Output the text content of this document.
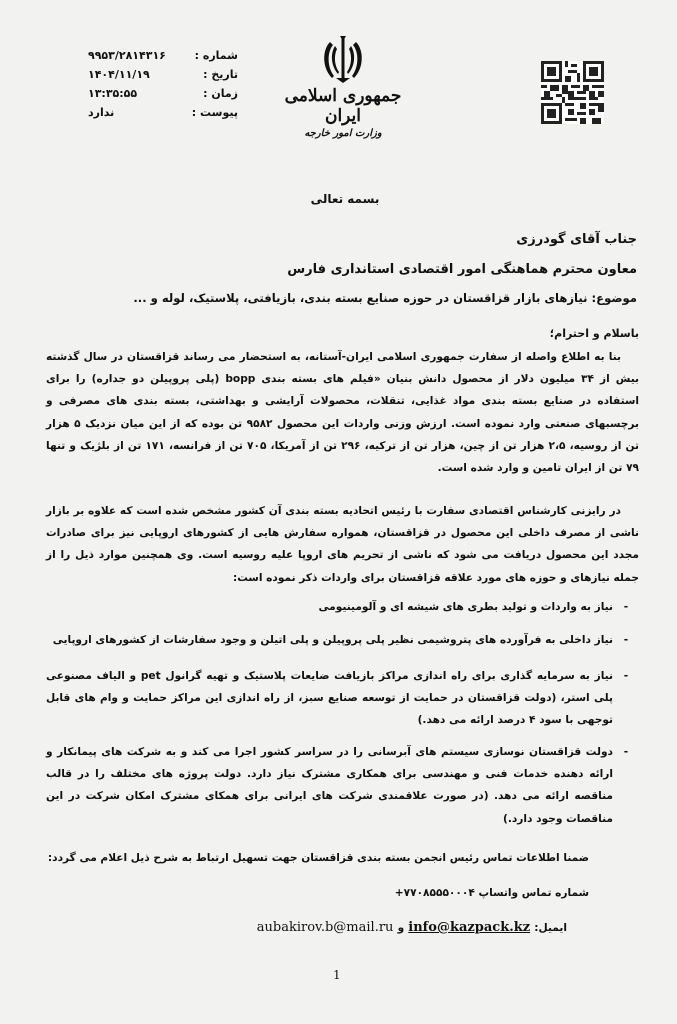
شماره :
۹۹۵۳/۲۸۱۴۳۱۶
تاریخ :
۱۴۰۴/۱۱/۱۹
زمان :
۱۳:۳۵:۵۵
پیوست :
ندارد
جمهوری اسلامی ایران
وزارت امور خارجه
بسمه تعالی
جناب آقای گودرزی
معاون محترم هماهنگی امور اقتصادی استانداری فارس
موضوع: نیازهای بازار قزاقستان در حوزه صنایع بسته بندی، بازیافتی، پلاستیک، لوله و ...
باسلام و احترام؛

بنا به اطلاع واصله از سفارت جمهوری اسلامی ایران-آستانه، به استحضار می رساند قزاقستان در سال گذشته بیش از ۳۴ میلیون دلار از محصول دانش بنیان «فیلم های بسته بندی bopp (پلی پروپیلن دو جداره) را برای استفاده در صنایع بسته بندی مواد غذایی، تنقلات، محصولات آرایشی و بهداشتی، بسته بندی های مصرفی و برچسبهای صنعتی وارد نموده است. ارزش وزنی واردات این محصول ۹۵۸۲ تن بوده که از این میان نزدیک ۵ هزار تن از روسیه، ۲،۵ هزار تن از چین، هزار تن از ترکیه، ۲۹۶ تن از آمریکا، ۷۰۵ تن از فرانسه، ۱۷۱ تن از بلژیک و تنها ۷۹ تن از ایران تامین و وارد شده است.

در رایزنی کارشناس اقتصادی سفارت با رئیس اتحادیه بسته بندی آن کشور مشخص شده است که علاوه بر بازار ناشی از مصرف داخلی این محصول در قزاقستان، همواره سفارش هایی از کشورهای اروپایی نیز برای صادرات مجدد این محصول دریافت می شود که ناشی از تحریم های اروپا علیه روسیه است. وی همچنین موارد ذیل را از جمله نیازهای و حوزه های مورد علاقه قزاقستان برای واردات ذکر نموده است:

-
نیاز به واردات و تولید بطری های شیشه ای و آلومینیومی
-
نیاز داخلی به فرآورده های پتروشیمی نظیر پلی پروپیلن و پلی اتیلن و وجود سفارشات از کشورهای اروپایی
-
نیاز به سرمایه گذاری برای راه اندازی مراکز بازیافت ضایعات پلاستیک و تهیه گرانول pet و الیاف مصنوعی پلی استر، (دولت قزاقستان در حمایت از توسعه صنایع سبز، از راه اندازی این مراکز حمایت و وام های قابل توجهی با سود ۴ درصد ارائه می دهد.)
-
دولت قزاقستان نوسازی سیستم های آبرسانی را در سراسر کشور اجرا می کند و به شرکت های پیمانکار و ارائه دهنده خدمات فنی و مهندسی برای همکاری مشترک نیاز دارد. دولت پروژه های مختلف را در قالب مناقصه ارائه می دهد. (در صورت علاقمندی شرکت های ایرانی برای همکای مشترک امکان شرکت در این مناقصات وجود دارد.)
ضمنا اطلاعات تماس رئیس انجمن بسته بندی قزاقستان جهت تسهیل ارتباط به شرح ذیل اعلام می گردد:
شماره تماس واتساپ ۷۷۰۸۵۵۵۰۰۰۴+
ایمیل: info@kazpack.kz و aubakirov.b@mail.ru
1
